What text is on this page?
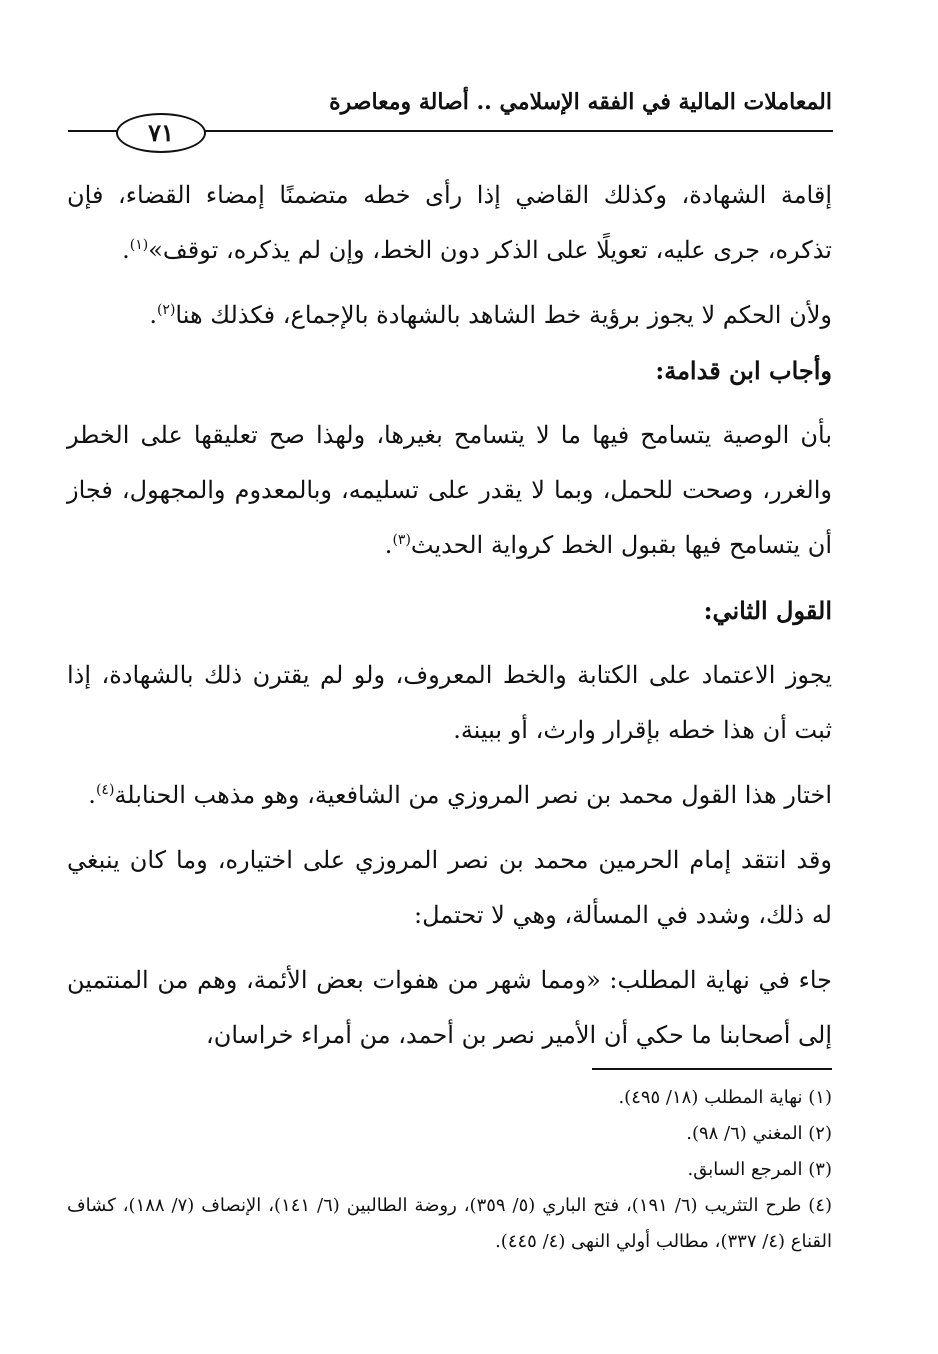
المعاملات المالية في الفقه الإسلامي .. أصالة ومعاصرة
٧١

إقامة الشهادة، وكذلك القاضي إذا رأى خطه متضمنًا إمضاء القضاء، فإن تذكره، جرى عليه، تعويلًا على الذكر دون الخط، وإن لم يذكره، توقف»$^{(١)}$.

ولأن الحكم لا يجوز برؤية خط الشاهد بالشهادة بالإجماع، فكذلك هنا$^{(٢)}$.

وأجاب ابن قدامة:

بأن الوصية يتسامح فيها ما لا يتسامح بغيرها، ولهذا صح تعليقها على الخطر والغرر، وصحت للحمل، وبما لا يقدر على تسليمه، وبالمعدوم والمجهول، فجاز أن يتسامح فيها بقبول الخط كرواية الحديث$^{(٣)}$.

القول الثاني:

يجوز الاعتماد على الكتابة والخط المعروف، ولو لم يقترن ذلك بالشهادة، إذا ثبت أن هذا خطه بإقرار وارث، أو ببينة.

اختار هذا القول محمد بن نصر المروزي من الشافعية، وهو مذهب الحنابلة$^{(٤)}$.

وقد انتقد إمام الحرمين محمد بن نصر المروزي على اختياره، وما كان ينبغي له ذلك، وشدد في المسألة، وهي لا تحتمل:

جاء في نهاية المطلب: «ومما شهر من هفوات بعض الأئمة، وهم من المنتمين إلى أصحابنا ما حكي أن الأمير نصر بن أحمد، من أمراء خراسان،

(١) نهاية المطلب (١٨/ ٤٩٥).

(٢) المغني (٦/ ٩٨).

(٣) المرجع السابق.

(٤) طرح التثريب (٦/ ١٩١)، فتح الباري (٥/ ٣٥٩)، روضة الطالبين (٦/ ١٤١)، الإنصاف (٧/ ١٨٨)، كشاف القناع (٤/ ٣٣٧)، مطالب أولي النهى (٤/ ٤٤٥).
